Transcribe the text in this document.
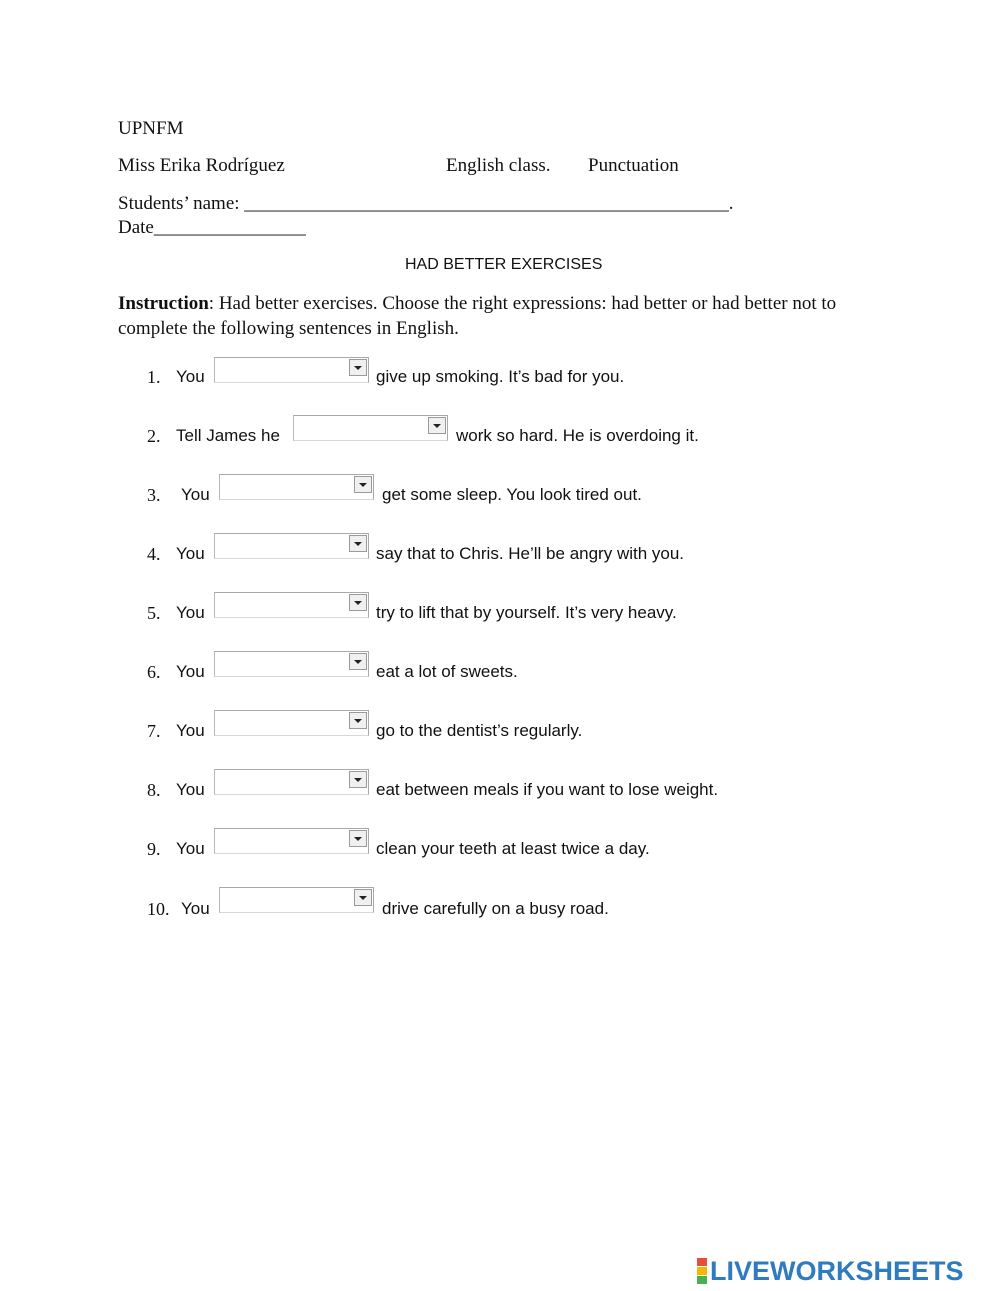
UPNFM
Miss Erika Rodríguez	English class. Punctuation
Students’ name: ___________________________________________________.
Date________________
HAD BETTER EXERCISES
Instruction: Had better exercises. Choose the right expressions: had better or had better not to complete the following sentences in English.
1. You	give up smoking. It’s bad for you.
2. Tell James he	work so hard. He is overdoing it.
3. You	get some sleep. You look tired out.
4. You	say that to Chris. He’ll be angry with you.
5. You	try to lift that by yourself. It’s very heavy.
6. You	eat a lot of sweets.
7. You	go to the dentist’s regularly.
8. You	eat between meals if you want to lose weight.
9. You	clean your teeth at least twice a day.
10. You	drive carefully on a busy road.
LIVEWORKSHEETS
